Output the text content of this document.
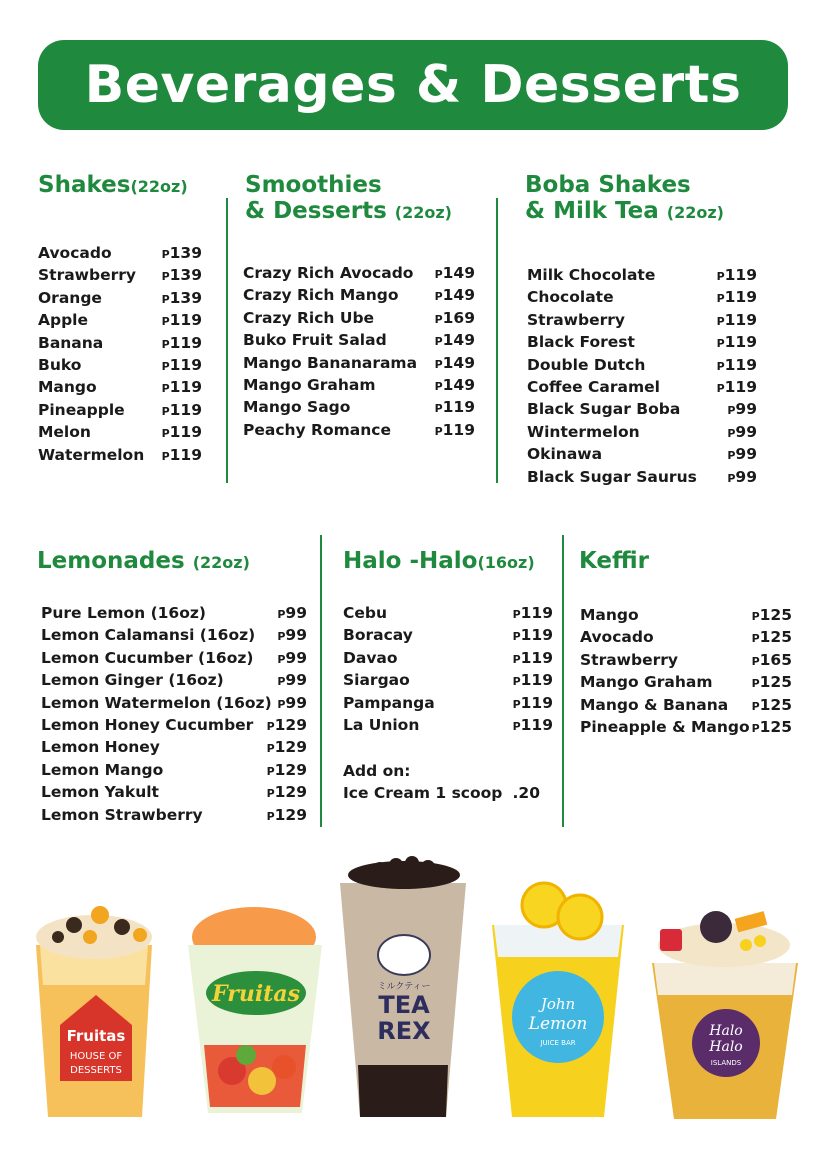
Beverages & Desserts
Shakes(22oz)
Avocado	P139
Strawberry P139
Orange	P139
Apple	P119
Banana	P119
Buko	P119
Mango	P119
Pineapple	P119
Melon	P119
Watermelon P119
Smoothies
& Desserts (22oz)
Crazy Rich Avocado P149
Crazy Rich Mango	P149
Crazy Rich Ube	P169
Buko Fruit Salad	P149
Mango Bananarama P149
Mango Graham	P149
Mango Sago	P119
Peachy Romance	P119
Boba Shakes
& Milk Tea (22oz)
Milk Chocolate	P119
Chocolate	P119
Strawberry	P119
Black Forest	P119
Double Dutch	P119
Coffee Caramel	P119
Black Sugar Boba	P99
Wintermelon	P99
Okinawa	P99
Black Sugar Saurus	P99
Lemonades (22oz)
Pure Lemon (16oz)	P99
Lemon Calamansi (16oz) P99
Lemon Cucumber (16oz) P99
Lemon Ginger (16oz)	P99
Lemon Watermelon (16oz) P99
Lemon Honey Cucumber P129
Lemon Honey	P129
Lemon Mango	P129
Lemon Yakult	P129
Lemon Strawberry	P129
Halo -Halo(16oz)
Cebu	P119
Boracay	P119
Davao	P119
Siargao	P119
Pampanga	P119
La Union	P119
Add on:
Ice Cream 1 scoop .20
Keffir
Mango	P125
Avocado	P125
Strawberry	P165
Mango Graham	P125
Mango & Banana P125
Pineapple & Mango P125
Fruitas
HOUSE OF
DESSERTS
Fruitas	ミルクティー
TEA
REX
John
Lemon
JUICE BAR
Halo
Halo
ISLANDS
